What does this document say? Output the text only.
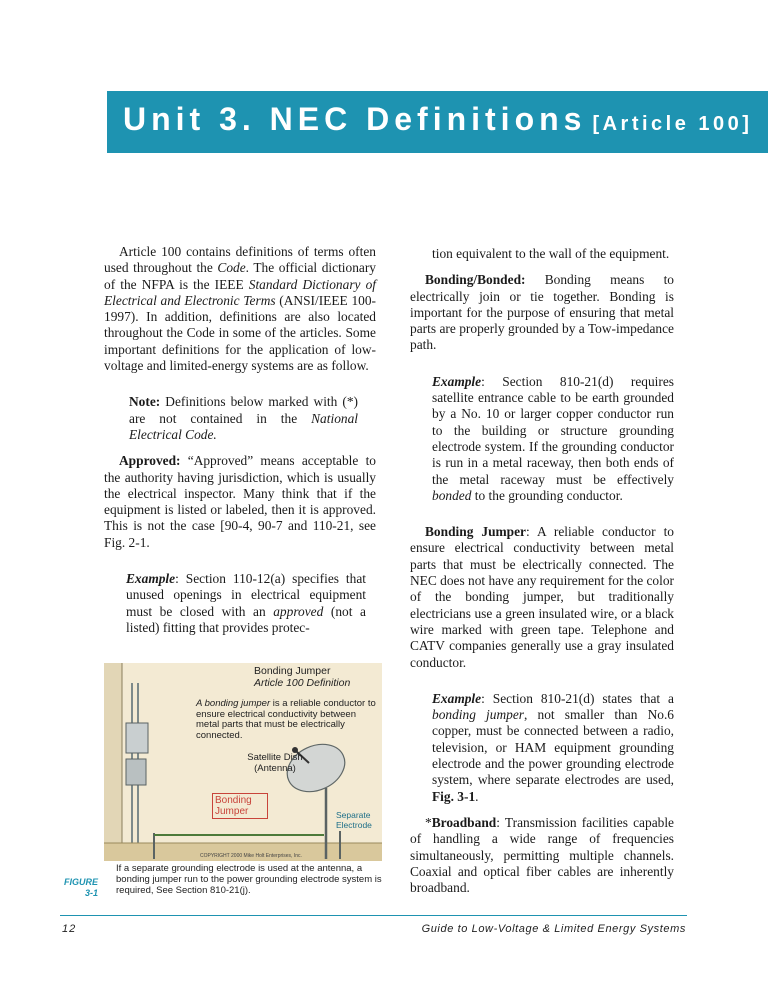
Unit 3. NEC Definitions [Article 100]

Article 100 contains definitions of terms often used throughout the Code. The official dictionary of the NFPA is the IEEE Standard Dictionary of Electrical and Electronic Terms (ANSI/IEEE 100-1997). In addition, definitions are also located throughout the Code in some of the articles. Some important definitions for the application of low-voltage and limited-energy systems are as follow.

Note: Definitions below marked with (*) are not contained in the National Electrical Code.

Approved: “Approved” means acceptable to the authority having jurisdiction, which is usually the electrical inspector. Many think that if the equipment is listed or labeled, then it is approved. This is not the case [90-4, 90-7 and 110-21, see Fig. 2-1.

Example: Section 110-12(a) specifies that unused openings in electrical equipment must be closed with an approved (not a listed) fitting that provides protec-

Bonding Jumper
Article 100 Definition
A bonding jumper is a reliable conductor to ensure electrical conductivity between metal parts that must be electrically connected.
Satellite Dish
(Antenna)
Bonding Jumper	Separate Electrode
COPYRIGHT 2000 Mike Holt Enterprises, Inc.
If a separate grounding electrode is used at the antenna, a bonding jumper run to the power grounding electrode system is required, See Section 810-21(j).
FIGURE
3-1

tion equivalent to the wall of the equipment.

Bonding/Bonded: Bonding means to electrically join or tie together. Bonding is important for the purpose of ensuring that metal parts are properly grounded by a Tow-impedance path.

Example: Section 810-21(d) requires satellite entrance cable to be earth grounded by a No. 10 or larger copper conductor run to the building or structure grounding electrode system. If the grounding conductor is run in a metal raceway, then both ends of the metal raceway must be effectively bonded to the grounding conductor.

Bonding Jumper: A reliable conductor to ensure electrical conductivity between metal parts that must be electrically connected. The NEC does not have any requirement for the color of the bonding jumper, but traditionally electricians use a green insulated wire, or a black wire marked with green tape. Telephone and CATV companies generally use a gray insulated conductor.

Example: Section 810-21(d) states that a bonding jumper, not smaller than No.6 copper, must be connected between a radio, television, or HAM equipment grounding electrode and the power grounding electrode system, where separate electrodes are used, Fig. 3-1.

*Broadband: Transmission facilities capable of handling a wide range of frequencies simultaneously, permitting multiple channels. Coaxial and optical fiber cables are inherently broadband.

12	Guide to Low-Voltage & Limited Energy Systems
